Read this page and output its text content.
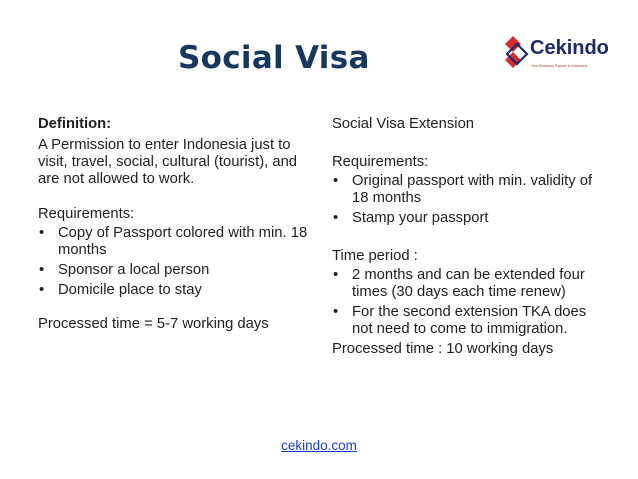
Social Visa	Cekindo
Your Business Partner in Indonesia

Definition:

A Permission to enter Indonesia just to visit, travel, social, cultural (tourist), and are not allowed to work.

Requirements:

• Copy of Passport colored with min. 18 months
• Sponsor a local person
• Domicile place to stay

Processed time = 5-7 working days

Social Visa Extension

Requirements:

• Original passport with min. validity of 18 months
• Stamp your passport

Time period :

• 2 months and can be extended four times (30 days each time renew)
• For the second extension TKA does not need to come to immigration.

Processed time : 10 working days

cekindo.com
